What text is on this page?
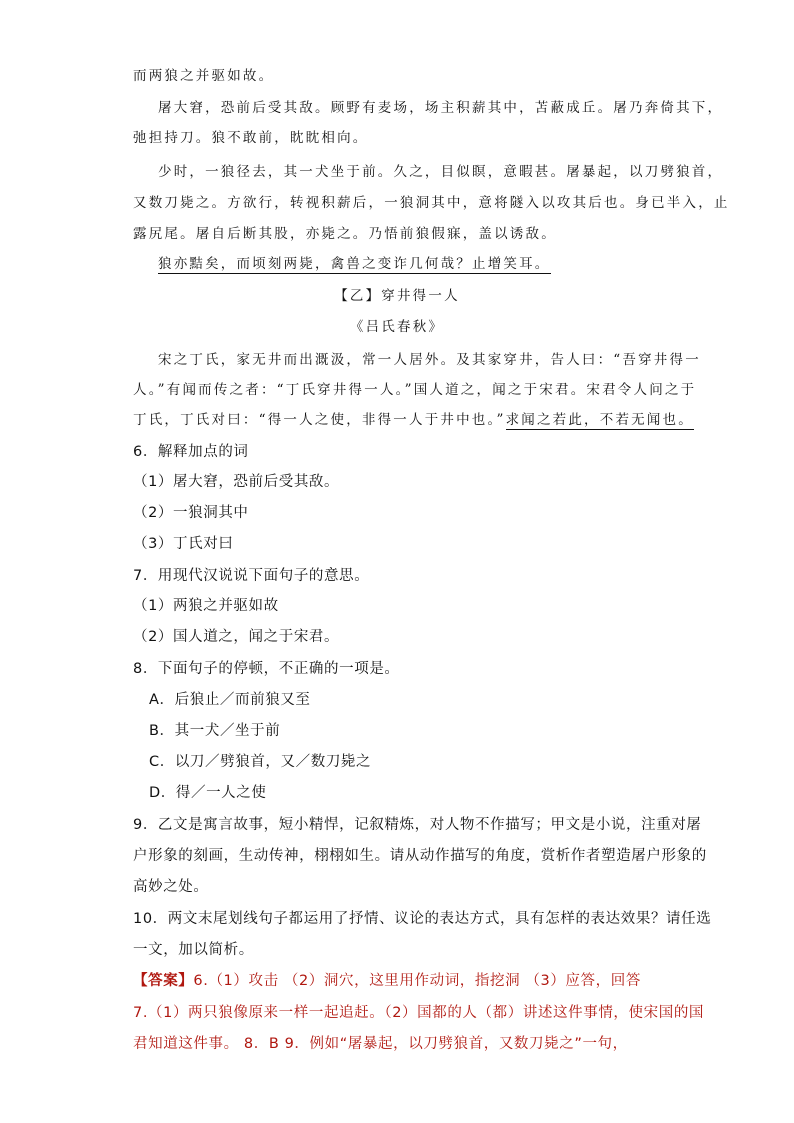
而两狼之并驱如故。

屠大窘，恐前后受其敌。顾野有麦场，场主积薪其中，苫蔽成丘。屠乃奔倚其下，

弛担持刀。狼不敢前，眈眈相向。

少时，一狼径去，其一犬坐于前。久之，目似瞑，意暇甚。屠暴起，以刀劈狼首，

又数刀毙之。方欲行，转视积薪后，一狼洞其中，意将隧入以攻其后也。身已半入，止

露尻尾。屠自后断其股，亦毙之。乃悟前狼假寐，盖以诱敌。

狼亦黠矣，而顷刻两毙，禽兽之变诈几何哉？止增笑耳。

【乙】穿井得一人

《吕氏春秋》

宋之丁氏，家无井而出溉汲，常一人居外。及其家穿井，告人曰：“吾穿井得一

人。”有闻而传之者：“丁氏穿井得一人。”国人道之，闻之于宋君。宋君令人问之于

丁氏，丁氏对曰：“得一人之使，非得一人于井中也。”求闻之若此，不若无闻也。

6．解释加点的词

（1）屠大窘，恐前后受其敌。

（2）一狼洞其中

（3）丁氏对曰

7．用现代汉说说下面句子的意思。

（1）两狼之并驱如故

（2）国人道之，闻之于宋君。

8．下面句子的停顿，不正确的一项是。

A．后狼止／而前狼又至

B．其一犬／坐于前

C．以刀／劈狼首，又／数刀毙之

D．得／一人之使

9．乙文是寓言故事，短小精悍，记叙精炼，对人物不作描写；甲文是小说，注重对屠

户形象的刻画，生动传神，栩栩如生。请从动作描写的角度，赏析作者塑造屠户形象的

高妙之处。

10．两文末尾划线句子都运用了抒情、议论的表达方式，具有怎样的表达效果？请任选

一文，加以简析。

【答案】6.（1）攻击 （2）洞穴，这里用作动词，指挖洞 （3）应答，回答

7.（1）两只狼像原来一样一起追赶。（2）国都的人（都）讲述这件事情，使宋国的国

君知道这件事。 8．B 9．例如“屠暴起，以刀劈狼首，又数刀毙之”一句，
